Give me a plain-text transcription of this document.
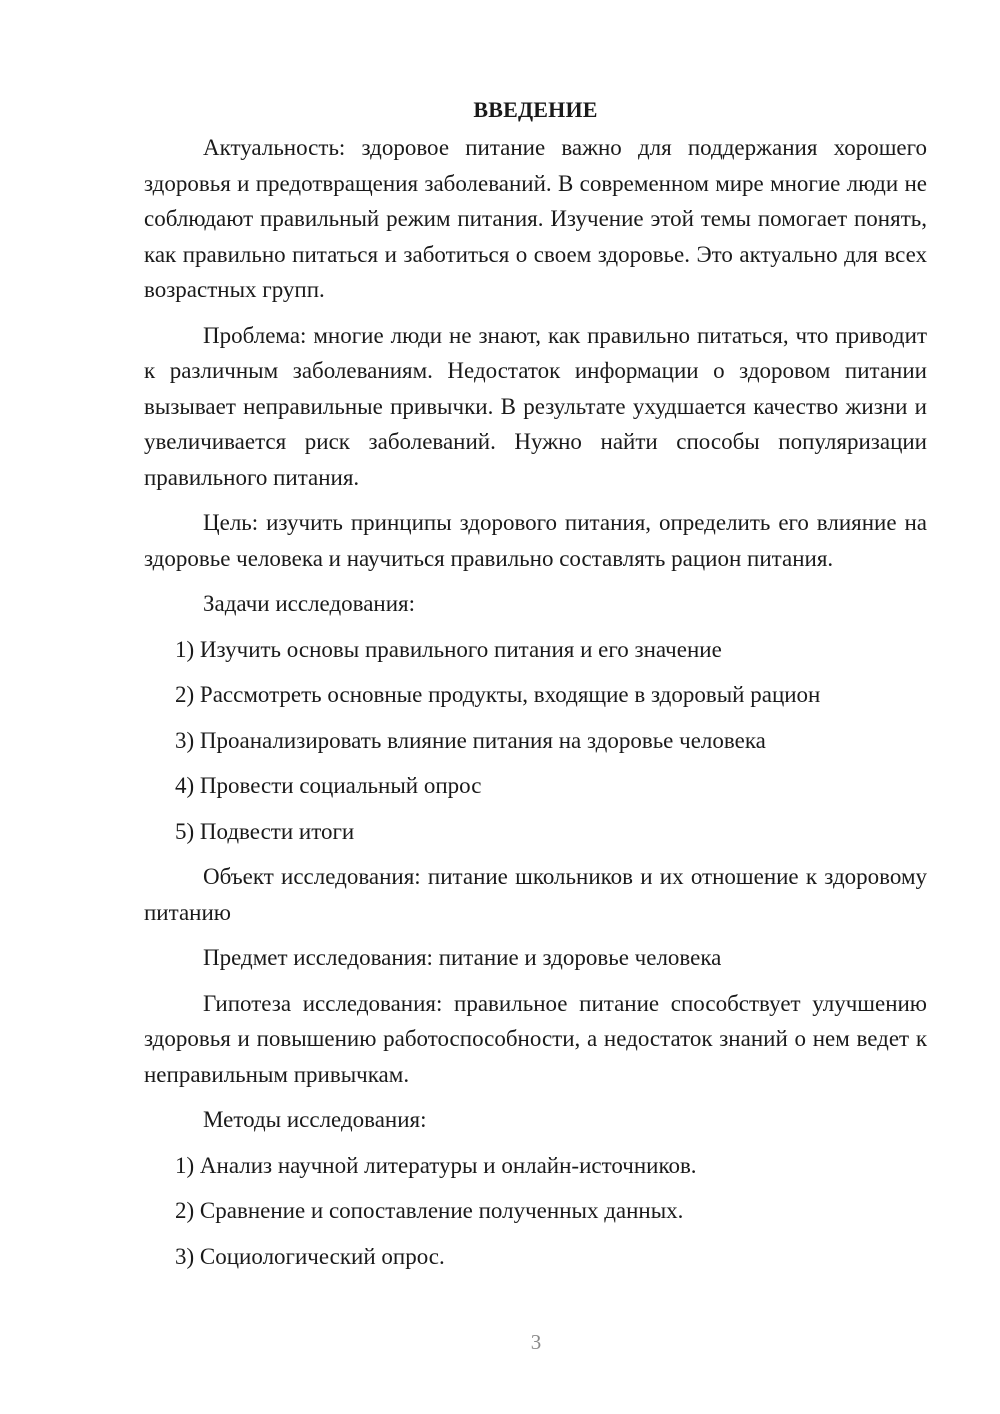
ВВЕДЕНИЕ

Актуальность: здоровое питание важно для поддержания хорошего здоровья и предотвращения заболеваний. В современном мире многие люди не соблюдают правильный режим питания. Изучение этой темы помогает понять, как правильно питаться и заботиться о своем здоровье. Это актуально для всех возрастных групп.

Проблема: многие люди не знают, как правильно питаться, что приводит к различным заболеваниям. Недостаток информации о здоровом питании вызывает неправильные привычки. В результате ухудшается качество жизни и увеличивается риск заболеваний. Нужно найти способы популяризации правильного питания.

Цель: изучить принципы здорового питания, определить его влияние на здоровье человека и научиться правильно составлять рацион питания.

Задачи исследования:

1) Изучить основы правильного питания и его значение
2) Рассмотреть основные продукты, входящие в здоровый рацион
3) Проанализировать влияние питания на здоровье человека
4) Провести социальный опрос
5) Подвести итоги

Объект исследования: питание школьников и их отношение к здоровому питанию

Предмет исследования: питание и здоровье человека

Гипотеза исследования: правильное питание способствует улучшению здоровья и повышению работоспособности, а недостаток знаний о нем ведет к неправильным привычкам.

Методы исследования:

1) Анализ научной литературы и онлайн-источников.
2) Сравнение и сопоставление полученных данных.
3) Социологический опрос.
3
